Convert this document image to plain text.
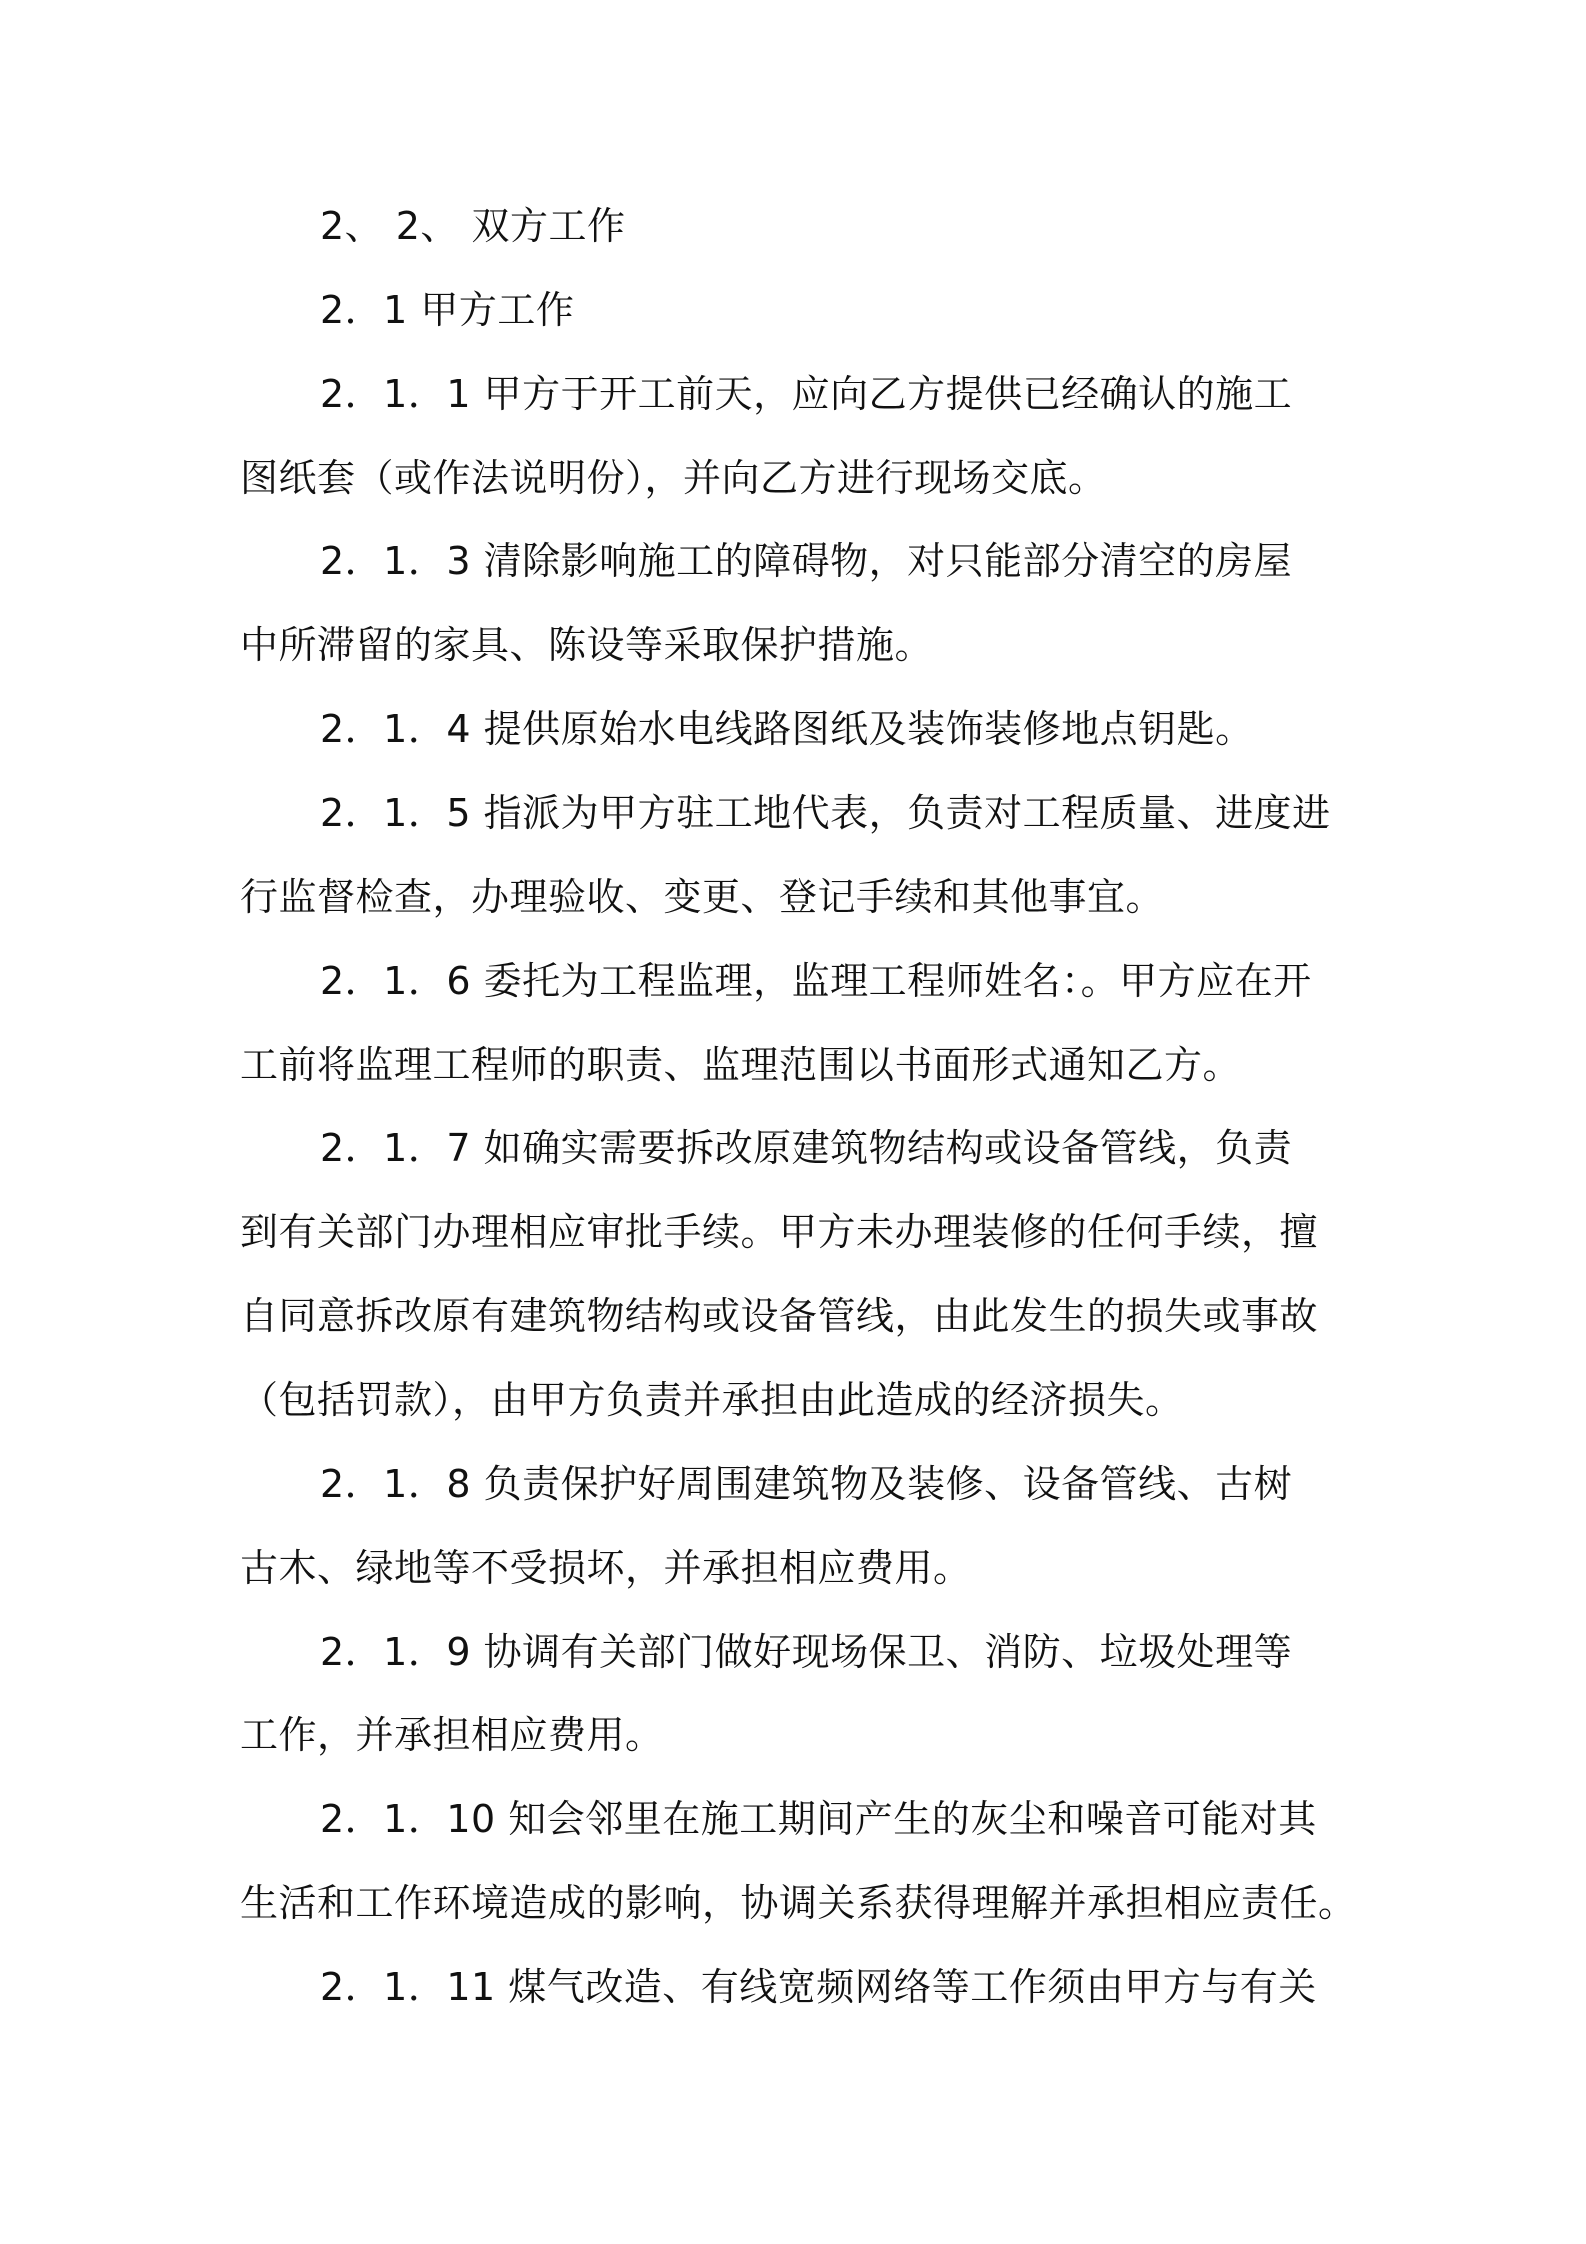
2、 2、 双方工作
2．1 甲方工作
2．1．1 甲方于开工前天，应向乙方提供已经确认的施工
图纸套（或作法说明份），并向乙方进行现场交底。
2．1．3 清除影响施工的障碍物，对只能部分清空的房屋
中所滞留的家具、陈设等采取保护措施。
2．1．4 提供原始水电线路图纸及装饰装修地点钥匙。
2．1．5 指派为甲方驻工地代表，负责对工程质量、进度进
行监督检查，办理验收、变更、登记手续和其他事宜。
2．1．6 委托为工程监理，监理工程师姓名：。甲方应在开
工前将监理工程师的职责、监理范围以书面形式通知乙方。
2．1．7 如确实需要拆改原建筑物结构或设备管线，负责
到有关部门办理相应审批手续。甲方未办理装修的任何手续，擅
自同意拆改原有建筑物结构或设备管线，由此发生的损失或事故
（包括罚款），由甲方负责并承担由此造成的经济损失。
2．1．8 负责保护好周围建筑物及装修、设备管线、古树
古木、绿地等不受损坏，并承担相应费用。
2．1．9 协调有关部门做好现场保卫、消防、垃圾处理等
工作，并承担相应费用。
2．1．10 知会邻里在施工期间产生的灰尘和噪音可能对其
生活和工作环境造成的影响，协调关系获得理解并承担相应责任。
2．1．11 煤气改造、有线宽频网络等工作须由甲方与有关
